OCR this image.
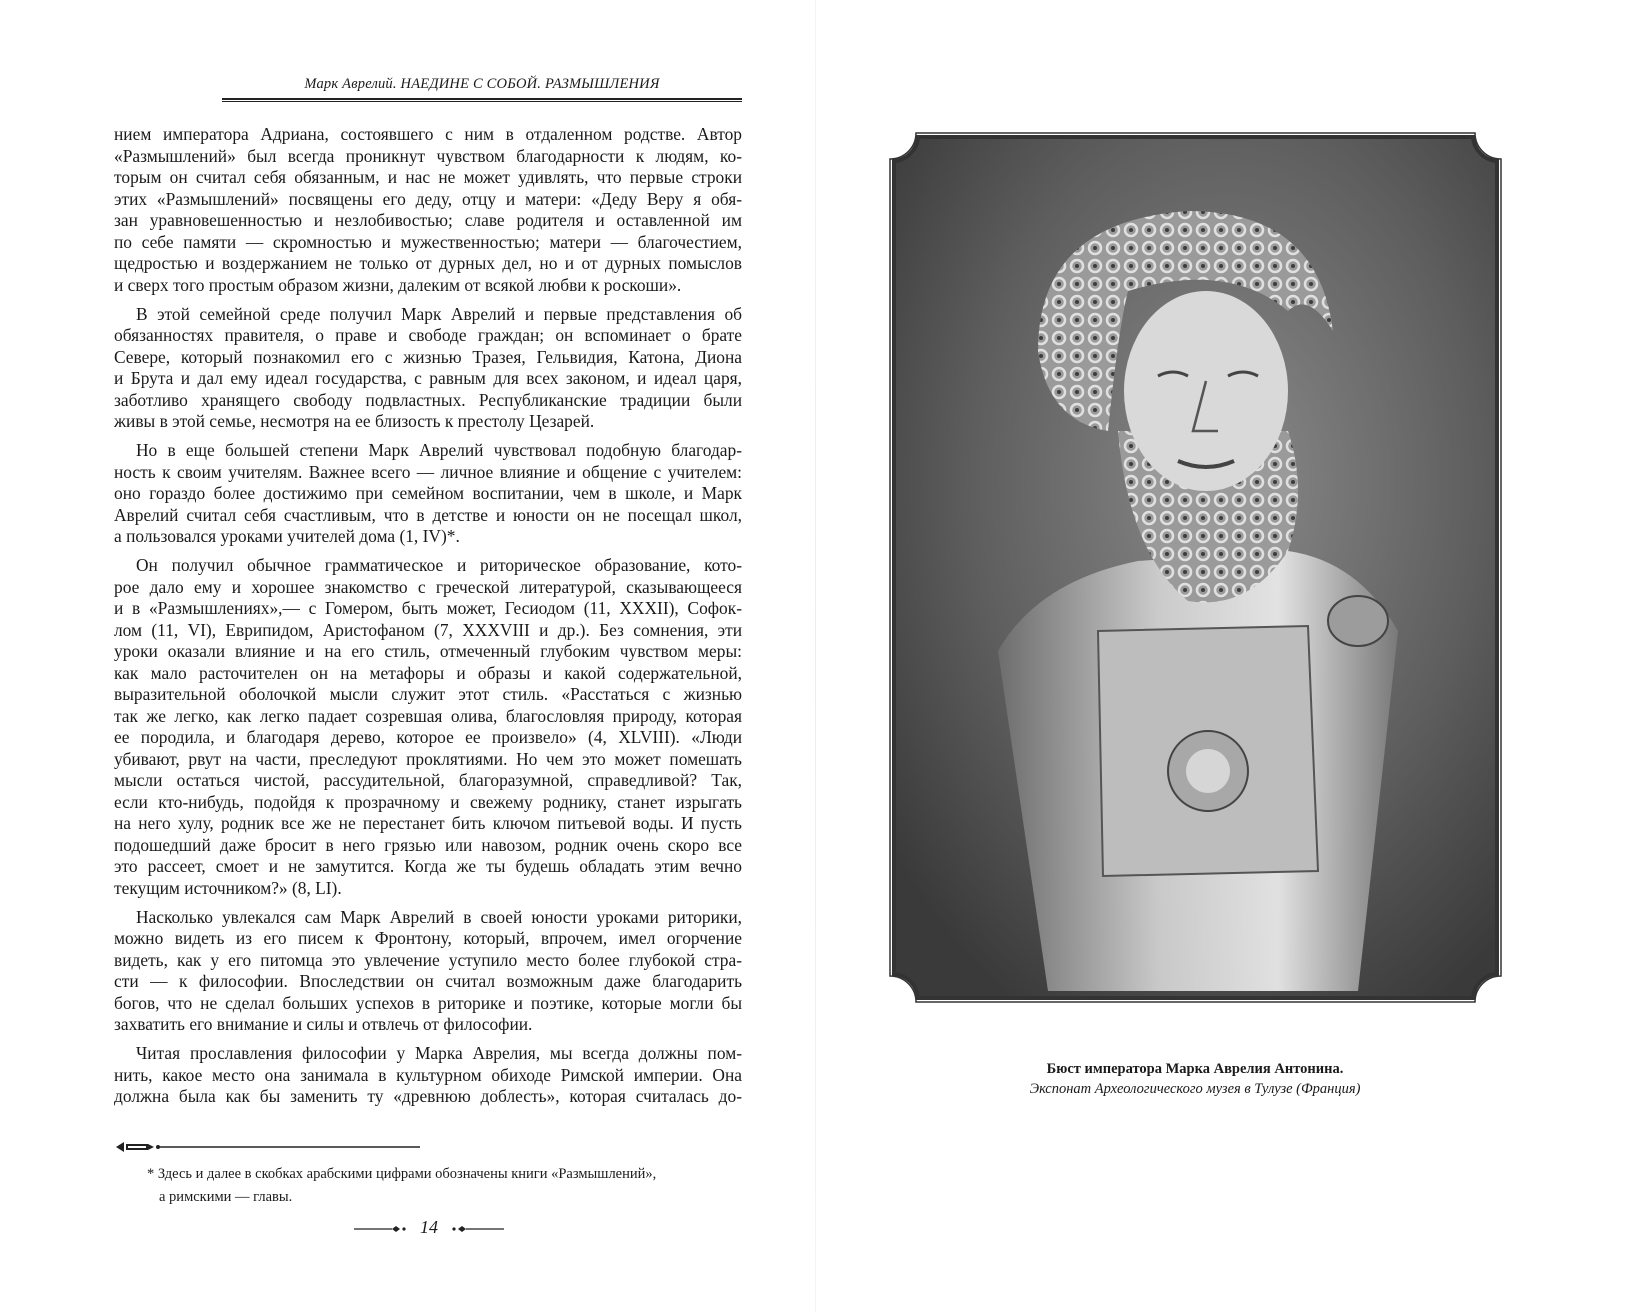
Марк Аврелий. НАЕДИНЕ С СОБОЙ. РАЗМЫШЛЕНИЯ
нием императора Адриана, состоявшего с ним в отдаленном родстве. Автор
«Размышлений» был всегда проникнут чувством благодарности к людям, ко-
торым он считал себя обязанным, и нас не может удивлять, что первые строки
этих «Размышлений» посвящены его деду, отцу и матери: «Деду Веру я обя-
зан уравновешенностью и незлобивостью; славе родителя и оставленной им
по себе памяти — скромностью и мужественностью; матери — благочестием,
щедростью и воздержанием не только от дурных дел, но и от дурных помыслов
и сверх того простым образом жизни, далеким от всякой любви к роскоши».
В этой семейной среде получил Марк Аврелий и первые представления об
обязанностях правителя, о праве и свободе граждан; он вспоминает о брате
Севере, который познакомил его с жизнью Тразея, Гельвидия, Катона, Диона
и Брута и дал ему идеал государства, с равным для всех законом, и идеал царя,
заботливо хранящего свободу подвластных. Республиканские традиции были
живы в этой семье, несмотря на ее близость к престолу Цезарей.
Но в еще большей степени Марк Аврелий чувствовал подобную благодар-
ность к своим учителям. Важнее всего — личное влияние и общение с учителем:
оно гораздо более достижимо при семейном воспитании, чем в школе, и Марк
Аврелий считал себя счастливым, что в детстве и юности он не посещал школ,
а пользовался уроками учителей дома (1, IV)*.
Он получил обычное грамматическое и риторическое образование, кото-
рое дало ему и хорошее знакомство с греческой литературой, сказывающееся
и в «Размышлениях»,— с Гомером, быть может, Гесиодом (11, XXXII), Софок-
лом (11, VI), Еврипидом, Аристофаном (7, XXXVIII и др.). Без сомнения, эти
уроки оказали влияние и на его стиль, отмеченный глубоким чувством меры:
как мало расточителен он на метафоры и образы и какой содержательной,
выразительной оболочкой мысли служит этот стиль. «Расстаться с жизнью
так же легко, как легко падает созревшая олива, благословляя природу, которая
ее породила, и благодаря дерево, которое ее произвело» (4, XLVIII). «Люди
убивают, рвут на части, преследуют проклятиями. Но чем это может помешать
мысли остаться чистой, рассудительной, благоразумной, справедливой? Так,
если кто-нибудь, подойдя к прозрачному и свежему роднику, станет изрыгать
на него хулу, родник все же не перестанет бить ключом питьевой воды. И пусть
подошедший даже бросит в него грязью или навозом, родник очень скоро все
это рассеет, смоет и не замутится. Когда же ты будешь обладать этим вечно
текущим источником?» (8, LI).
Насколько увлекался сам Марк Аврелий в своей юности уроками риторики,
можно видеть из его писем к Фронтону, который, впрочем, имел огорчение
видеть, как у его питомца это увлечение уступило место более глубокой стра-
сти — к философии. Впоследствии он считал возможным даже благодарить
богов, что не сделал больших успехов в риторике и поэтике, которые могли бы
захватить его внимание и силы и отвлечь от философии.
Читая прославления философии у Марка Аврелия, мы всегда должны пом-
нить, какое место она занимала в культурном обиходе Римской империи. Она
должна была как бы заменить ту «древнюю доблесть», которая считалась до-
* Здесь и далее в скобках арабскими цифрами обозначены книги «Размышлений»,
а римскими — главы.
14
Бюст императора Марка Аврелия Антонина.
Экспонат Археологического музея в Тулузе (Франция)
